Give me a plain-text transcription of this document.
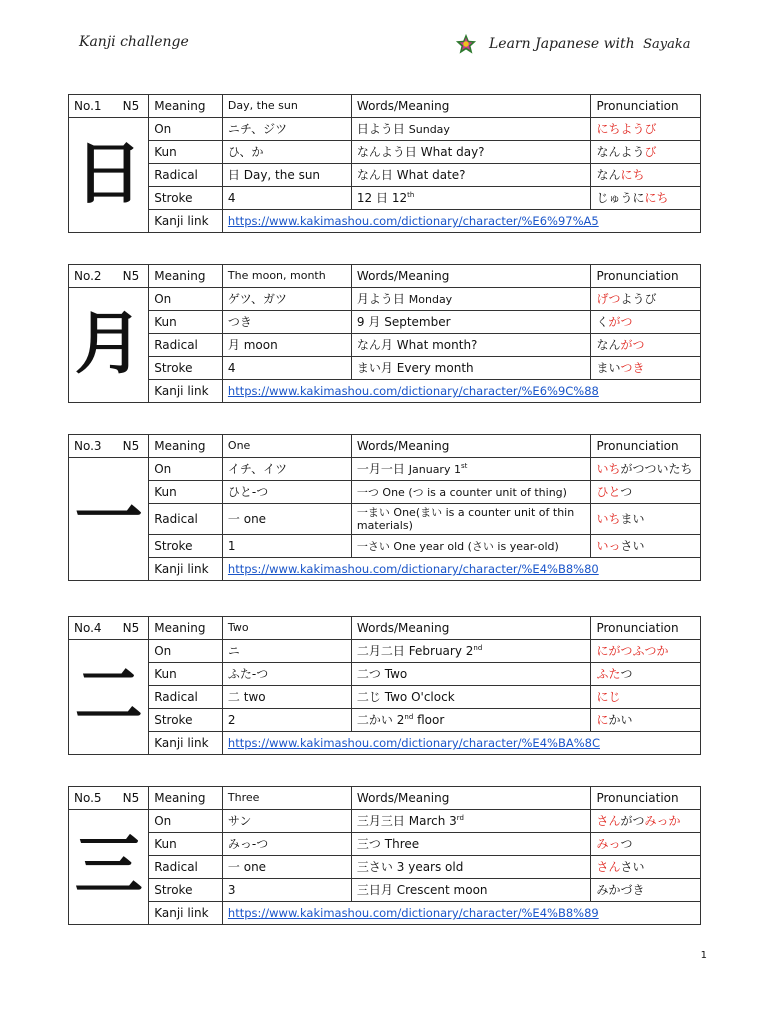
Kanji challenge	Learn Japanese with Sayaka
No.1 N5	Meaning	Day, the sun	Words/Meaning	Pronunciation
日	On	ニチ、ジツ	日よう日 Sunday	にちようび
	Kun	ひ、か	なんよう日 What day?	なんようび
	Radical	日 Day, the sun	なん日 What date?	なんにち
	Stroke	4	12 日 12th	じゅうににち
	Kanji link	https://www.kakimashou.com/dictionary/character/%E6%97%A5		
No.2 N5	Meaning	The moon, month	Words/Meaning	Pronunciation
月	On	ゲツ、ガツ	月よう日 Monday	げつようび
	Kun	つき	9 月 September	くがつ
	Radical	月 moon	なん月 What month?	なんがつ
	Stroke	4	まい月 Every month	まいつき
	Kanji link	https://www.kakimashou.com/dictionary/character/%E6%9C%88		
No.3 N5	Meaning	One	Words/Meaning	Pronunciation
一	On	イチ、イツ	一月一日 January 1st	いちがつついたち
	Kun	ひと-つ	一つ One (つ is a counter unit of thing)	ひとつ
	Radical	一 one	一まい One(まい is a counter unit of thin materials)	いちまい
	Stroke	1	一さい One year old (さい is year-old)	いっさい
	Kanji link	https://www.kakimashou.com/dictionary/character/%E4%B8%80		
No.4 N5	Meaning	Two	Words/Meaning	Pronunciation
二	On	ニ	二月二日 February 2nd	にがつふつか
	Kun	ふた-つ	二つ Two	ふたつ
	Radical	二 two	二じ Two O'clock	にじ
	Stroke	2	二かい 2nd floor	にかい
	Kanji link	https://www.kakimashou.com/dictionary/character/%E4%BA%8C		
No.5 N5	Meaning	Three	Words/Meaning	Pronunciation
三	On	サン	三月三日 March 3rd	さんがつみっか
	Kun	みっ-つ	三つ Three	みっつ
	Radical	一 one	三さい 3 years old	さんさい
	Stroke	3	三日月 Crescent moon	みかづき
	Kanji link	https://www.kakimashou.com/dictionary/character/%E4%B8%89		
1
